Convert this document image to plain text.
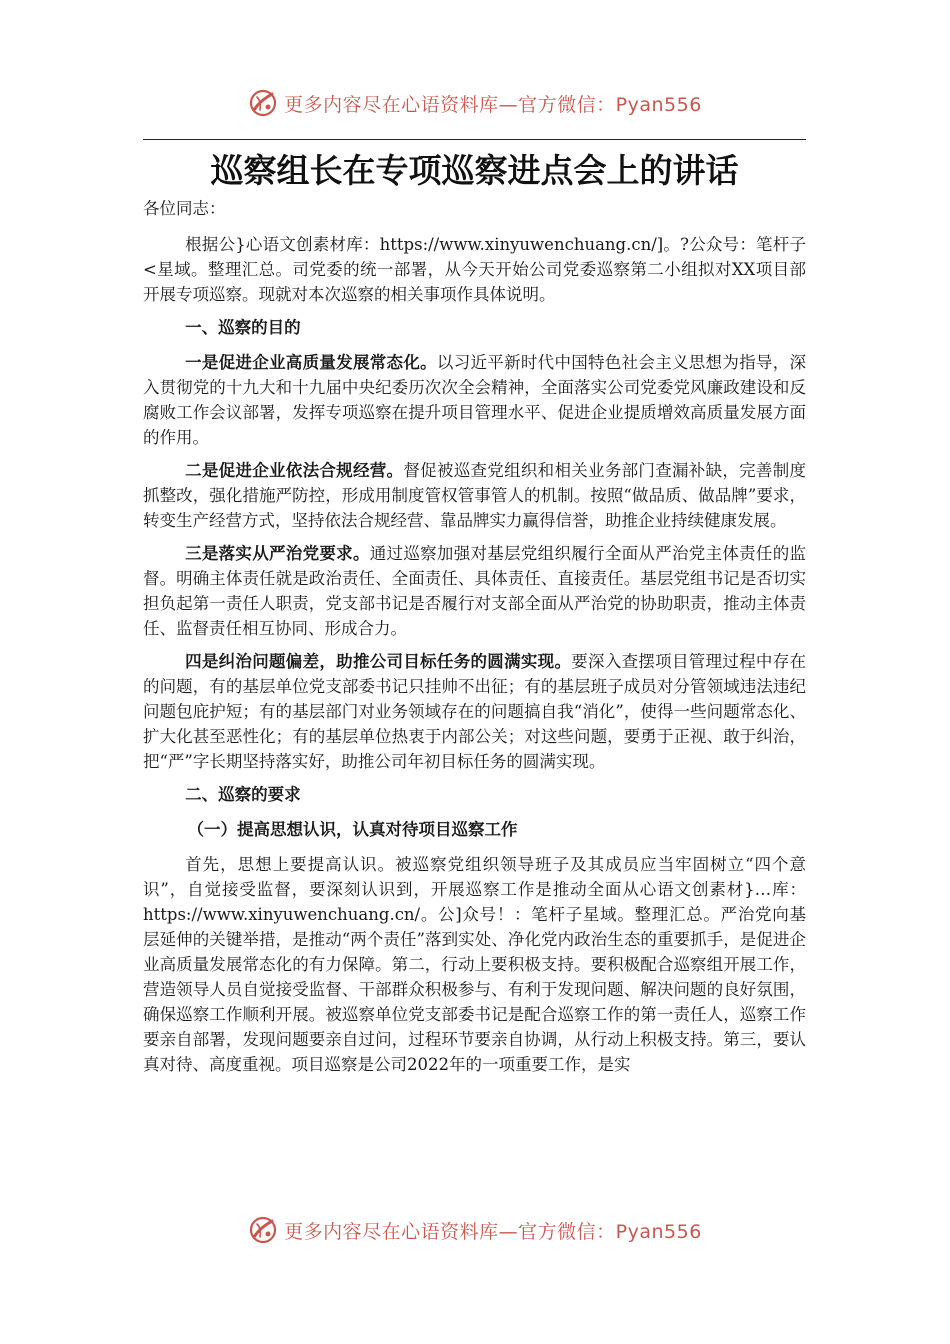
更多内容尽在心语资料库—官方微信：Pyan556
巡察组长在专项巡察进点会上的讲话

各位同志：

根据公}心语文创素材库：https://www.xinyuwenchuang.cn/]。?公众号：笔杆子<星域。整理汇总。司党委的统一部署，从今天开始公司党委巡察第二小组拟对XX项目部开展专项巡察。现就对本次巡察的相关事项作具体说明。

一、巡察的目的

一是促进企业高质量发展常态化。以习近平新时代中国特色社会主义思想为指导，深入贯彻党的十九大和十九届中央纪委历次次全会精神，全面落实公司党委党风廉政建设和反腐败工作会议部署，发挥专项巡察在提升项目管理水平、促进企业提质增效高质量发展方面的作用。

二是促进企业依法合规经营。督促被巡查党组织和相关业务部门查漏补缺，完善制度抓整改，强化措施严防控，形成用制度管权管事管人的机制。按照“做品质、做品牌”要求，转变生产经营方式，坚持依法合规经营、靠品牌实力赢得信誉，助推企业持续健康发展。

三是落实从严治党要求。通过巡察加强对基层党组织履行全面从严治党主体责任的监督。明确主体责任就是政治责任、全面责任、具体责任、直接责任。基层党组书记是否切实担负起第一责任人职责，党支部书记是否履行对支部全面从严治党的协助职责，推动主体责任、监督责任相互协同、形成合力。

四是纠治问题偏差，助推公司目标任务的圆满实现。要深入查摆项目管理过程中存在的问题，有的基层单位党支部委书记只挂帅不出征；有的基层班子成员对分管领域违法违纪问题包庇护短；有的基层部门对业务领域存在的问题搞自我“消化”，使得一些问题常态化、扩大化甚至恶性化；有的基层单位热衷于内部公关；对这些问题，要勇于正视、敢于纠治，把“严”字长期坚持落实好，助推公司年初目标任务的圆满实现。

二、巡察的要求

（一）提高思想认识，认真对待项目巡察工作

首先，思想上要提高认识。被巡察党组织领导班子及其成员应当牢固树立“四个意识”，自觉接受监督，要深刻认识到，开展巡察工作是推动全面从心语文创素材}…库：https://www.xinyuwenchuang.cn/。公]众号！：笔杆子星域。整理汇总。严治党向基层延伸的关键举措，是推动“两个责任”落到实处、净化党内政治生态的重要抓手，是促进企业高质量发展常态化的有力保障。第二，行动上要积极支持。要积极配合巡察组开展工作，营造领导人员自觉接受监督、干部群众积极参与、有利于发现问题、解决问题的良好氛围，确保巡察工作顺利开展。被巡察单位党支部委书记是配合巡察工作的第一责任人，巡察工作要亲自部署，发现问题要亲自过问，过程环节要亲自协调，从行动上积极支持。第三，要认真对待、高度重视。项目巡察是公司2022年的一项重要工作，是实

更多内容尽在心语资料库—官方微信：Pyan556
